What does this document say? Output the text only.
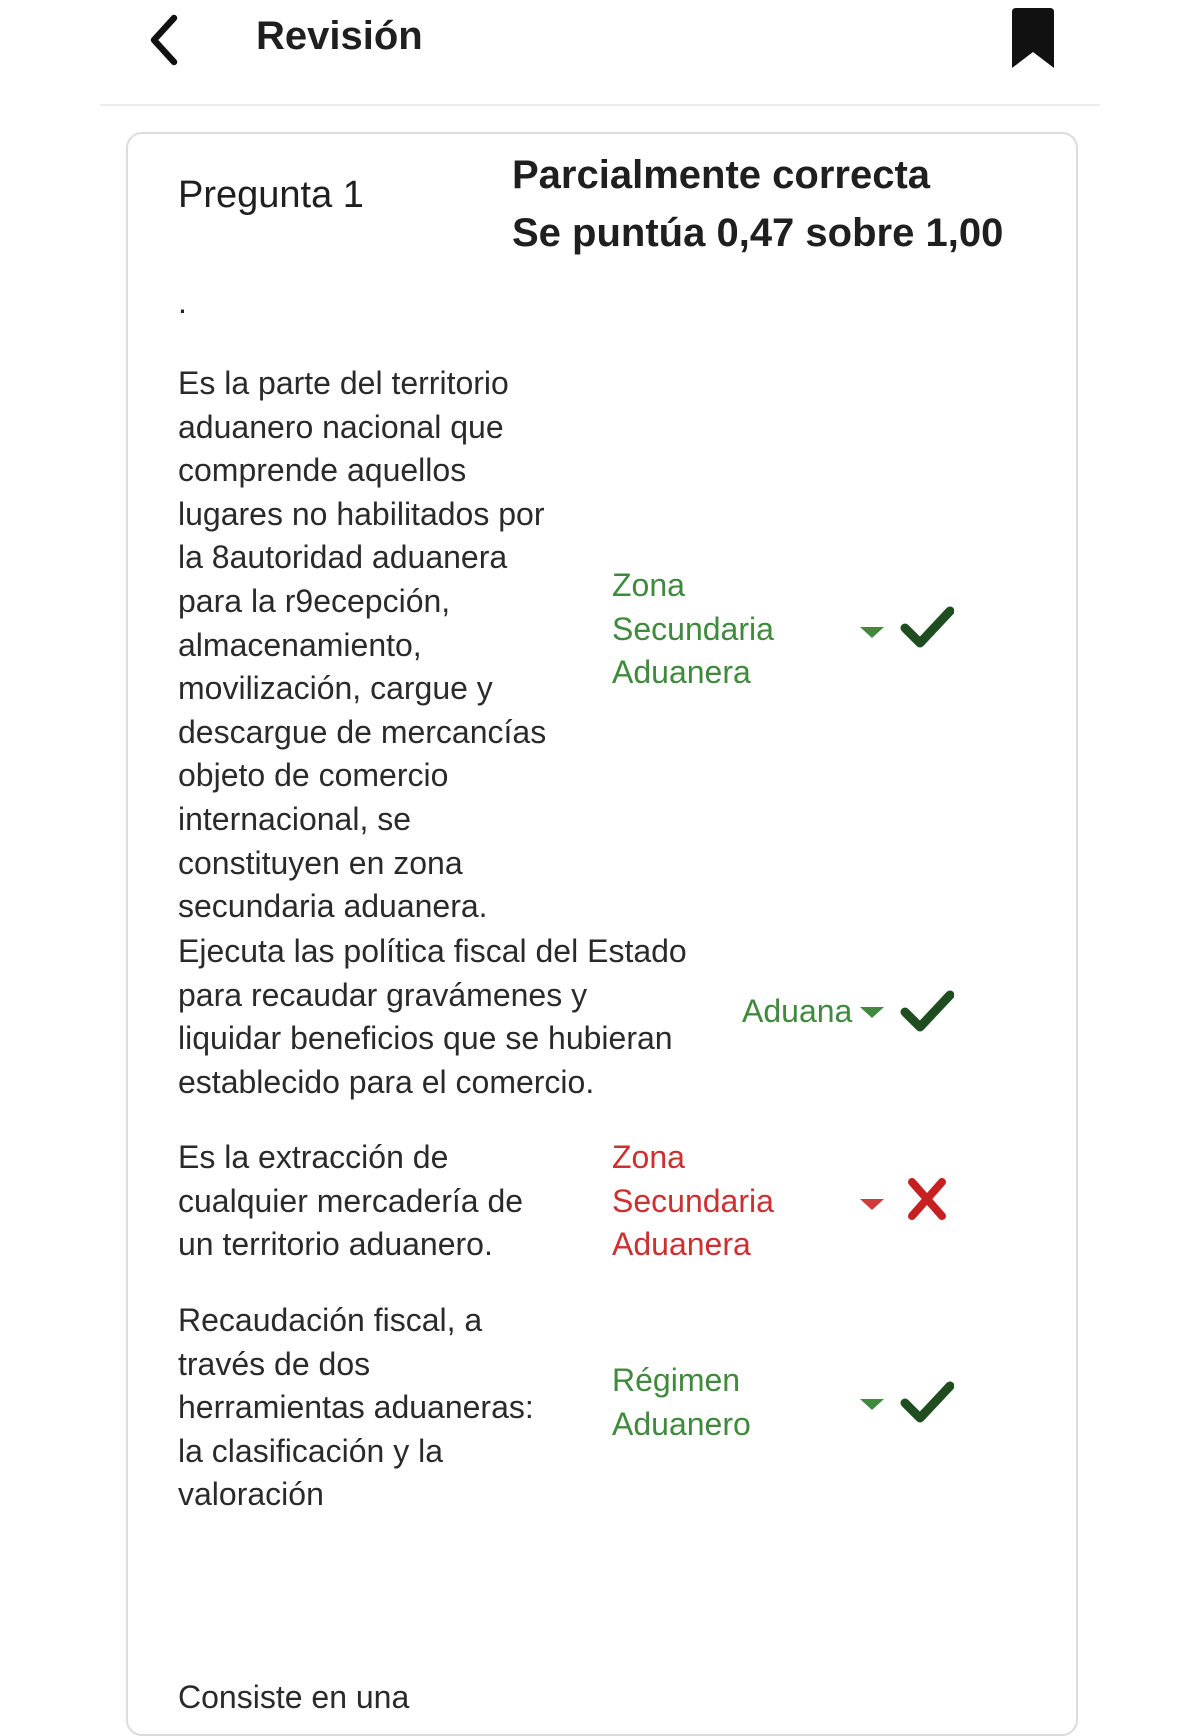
Revisión
Pregunta 1	Parcialmente correcta
Se puntúa 0,47 sobre 1,00
.
Es la parte del territorio
aduanero nacional que
comprende aquellos
lugares no habilitados por
la 8autoridad aduanera
para la r9ecepción,
almacenamiento,
movilización, cargue y
descargue de mercancías
objeto de comercio
internacional, se
constituyen en zona
secundaria aduanera.
Zona
Secundaria
Aduanera
Ejecuta las política fiscal del Estado
para recaudar gravámenes y
liquidar beneficios que se hubieran
establecido para el comercio.
Aduana
Es la extracción de
cualquier mercadería de
un territorio aduanero.
Zona
Secundaria
Aduanera
Recaudación fiscal, a
través de dos
herramientas aduaneras:
la clasificación y la
valoración
Régimen
Aduanero
Consiste en una
